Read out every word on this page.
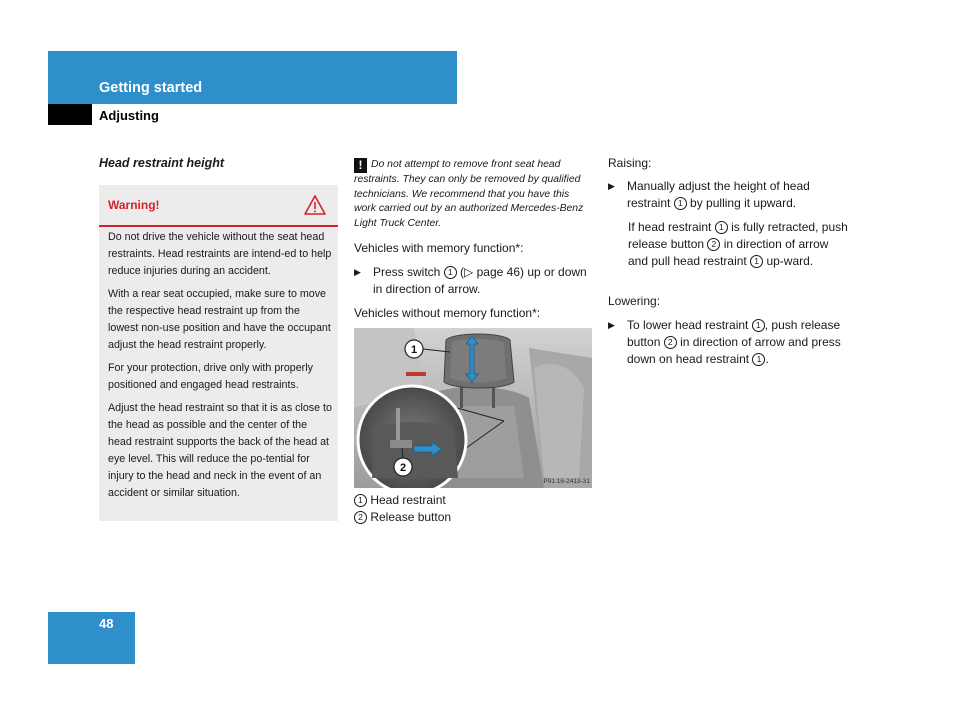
Getting started
Adjusting
Head restraint height
Warning!

Do not drive the vehicle without the seat head restraints. Head restraints are intend-ed to help reduce injuries during an accident.

With a rear seat occupied, make sure to move the respective head restraint up from the lowest non-use position and have the occupant adjust the head restraint properly.

For your protection, drive only with properly positioned and engaged head restraints.

Adjust the head restraint so that it is as close to the head as possible and the center of the head restraint supports the back of the head at eye level. This will reduce the po-tential for injury to the head and neck in the event of an accident or similar situation.

! Do not attempt to remove front seat head restraints. They can only be removed by qualified technicians. We recommend that you have this work carried out by an authorized Mercedes-Benz Light Truck Center.

Vehicles with memory function*:

▶	Press switch 1 (▷ page 46) up or down in direction of arrow.

Vehicles without memory function*:

1
2
P91.16-2413-31
1 Head restraint
2 Release button

Raising:

▶	Manually adjust the height of head restraint 1 by pulling it upward.
If head restraint 1 is fully retracted, push release button 2 in direction of arrow and pull head restraint 1 up-ward.

Lowering:

▶	To lower head restraint 1 , push release button 2 in direction of arrow and press down on head restraint 1 .
48
